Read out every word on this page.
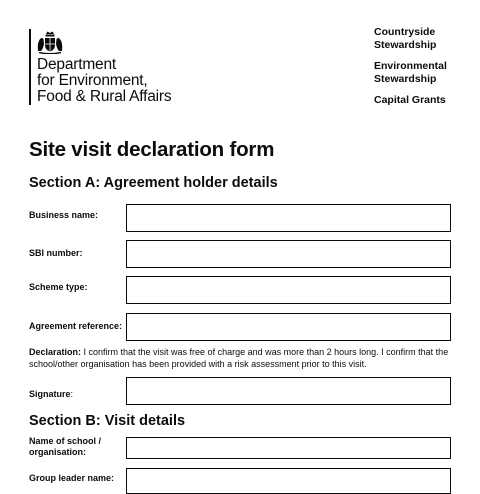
Department
for Environment,
Food & Rural Affairs
Countryside
Stewardship
Environmental
Stewardship
Capital Grants
Site visit declaration form
Section A: Agreement holder details
Business name:
SBI number:
Scheme type:
Agreement reference:
Declaration: I confirm that the visit was free of charge and was more than 2 hours long. I confirm that the school/other organisation has been provided with a risk assessment prior to this visit.
Signature:
Section B: Visit details
Name of school / organisation:
Group leader name:
